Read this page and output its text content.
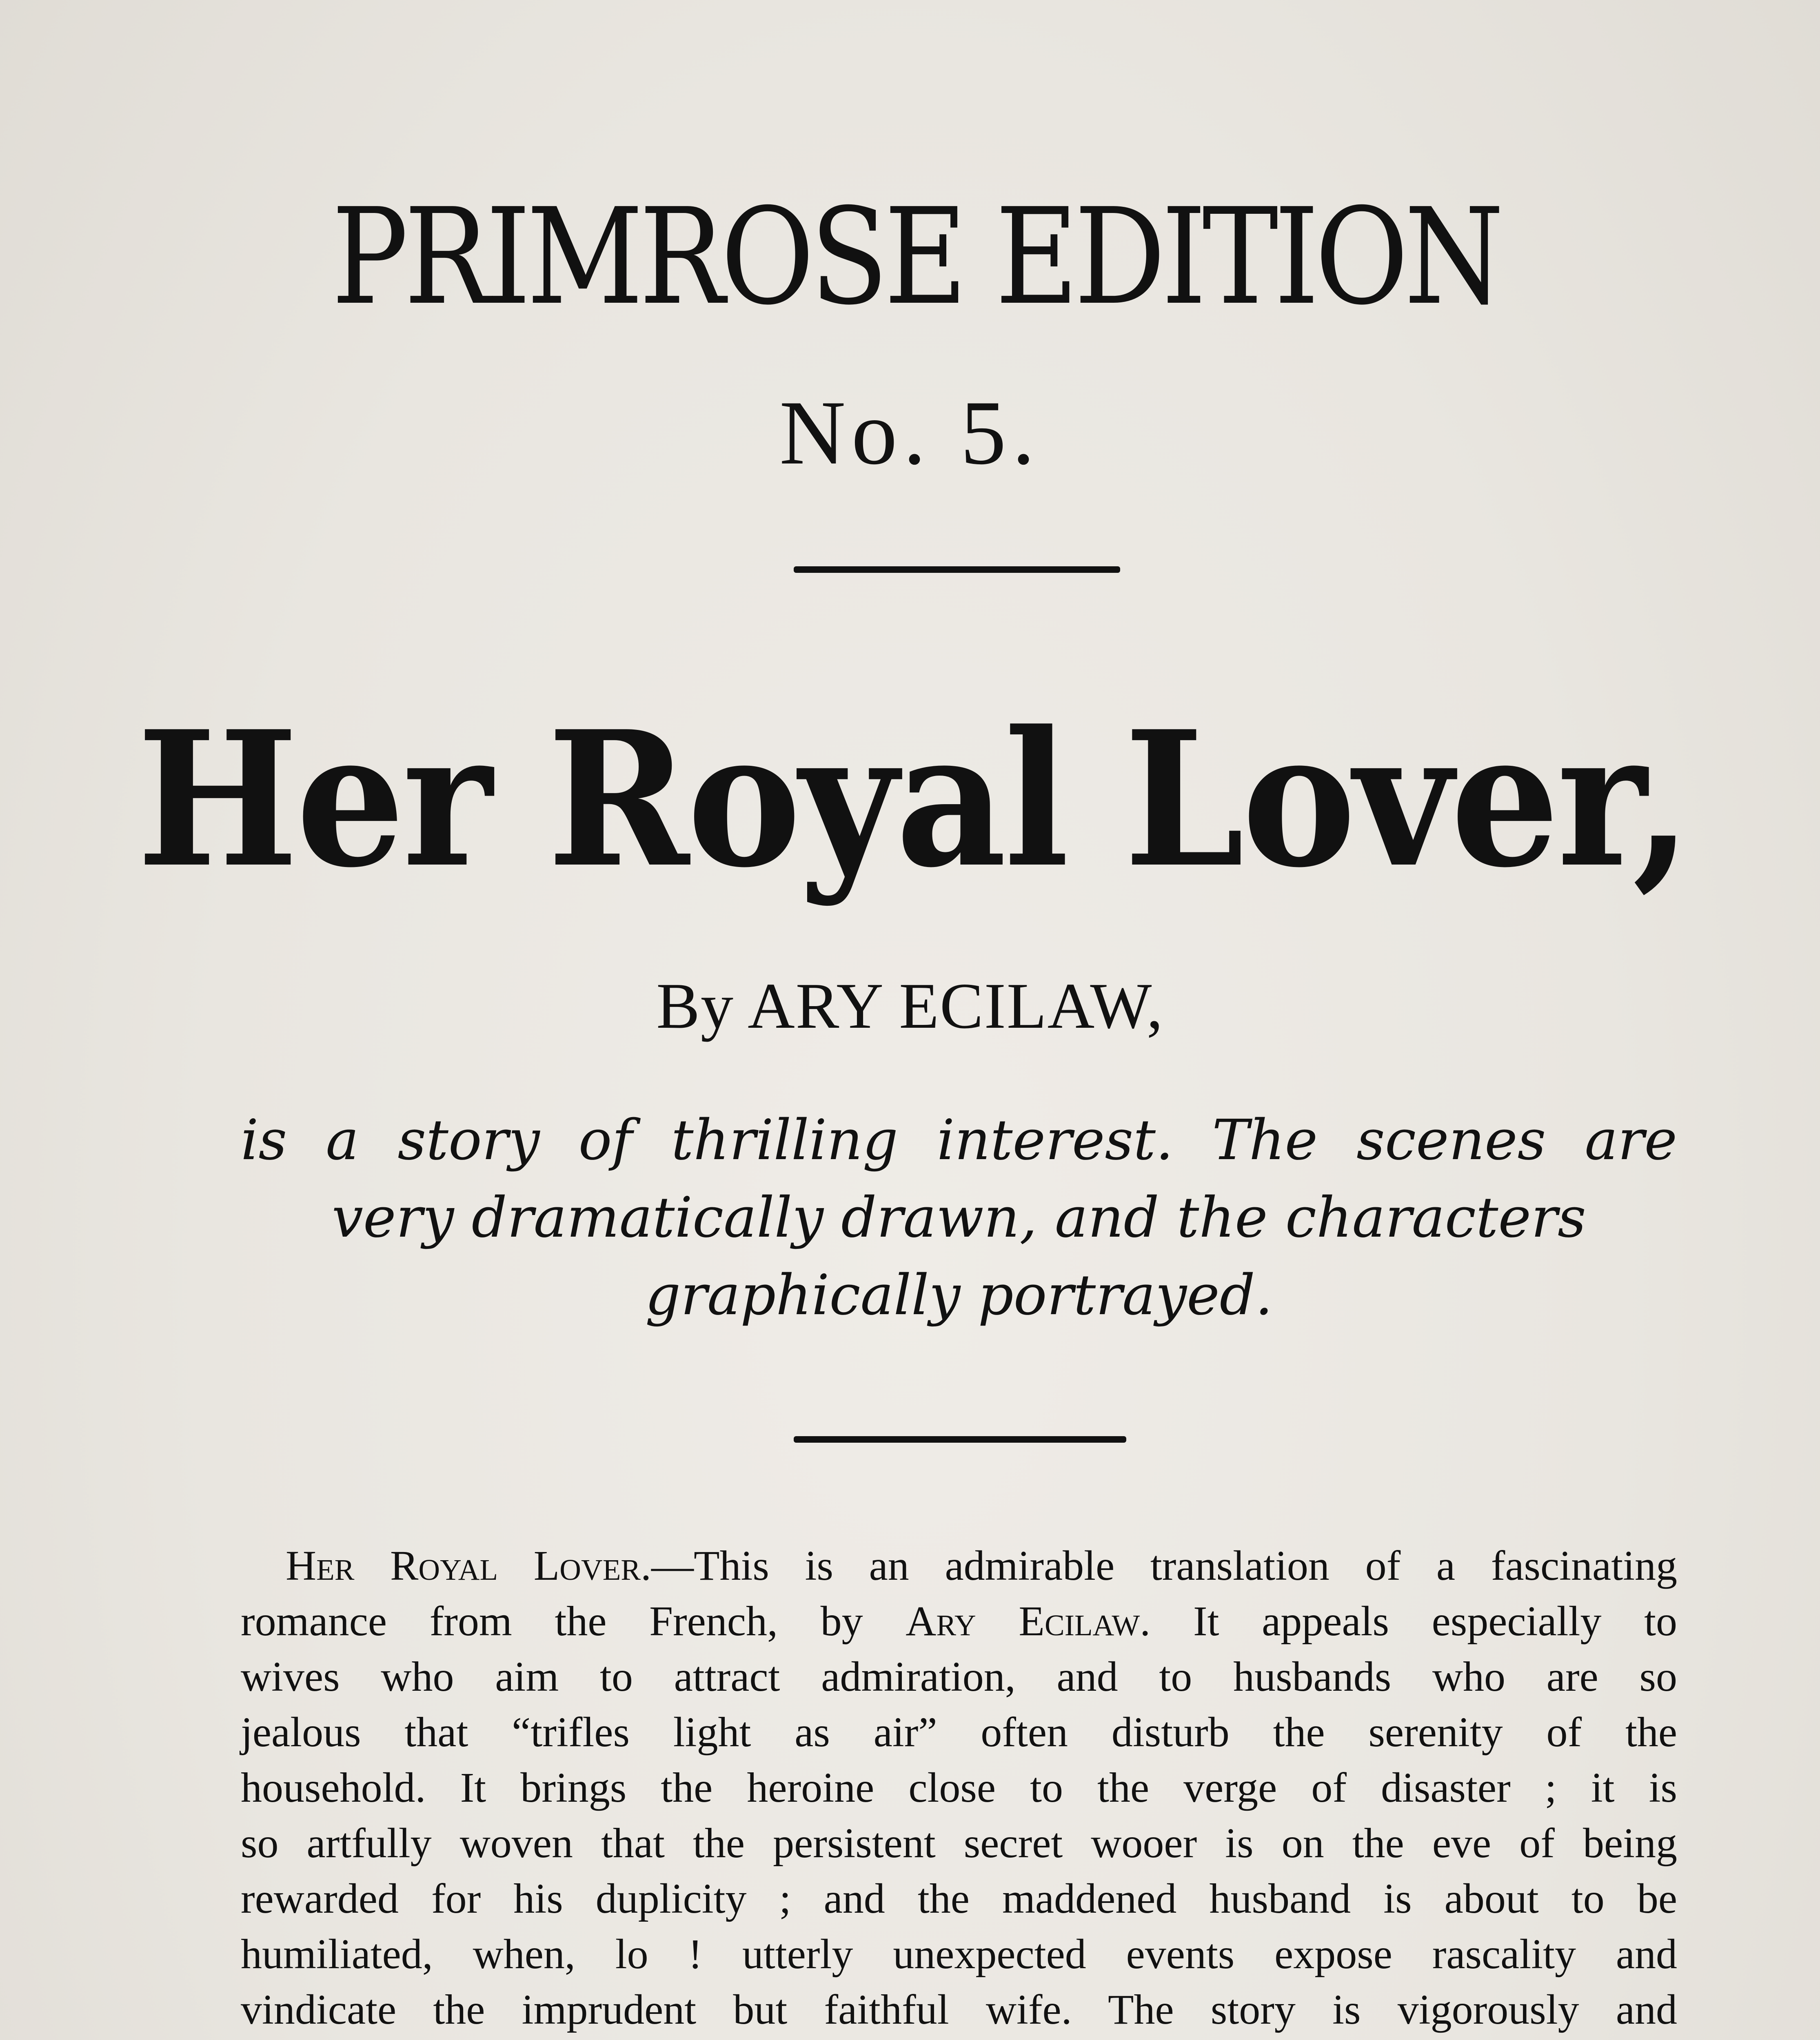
PRIMROSE EDITION
No. 5.
Her Royal Lover,
By ARY ECILAW,
is a story of thrilling interest. The scenes are
very dramatically drawn, and the characters
graphically portrayed.
Her Royal Lover.—This is an admirable translation of a fascinating
romance from the French, by Ary Ecilaw. It appeals especially to
wives who aim to attract admiration, and to husbands who are so
jealous that “trifles light as air” often disturb the serenity of the
household. It brings the heroine close to the verge of disaster ; it is
so artfully woven that the persistent secret wooer is on the eve of being
rewarded for his duplicity ; and the maddened husband is about to be
humiliated, when, lo ! utterly unexpected events expose rascality and
vindicate the imprudent but faithful wife. The story is vigorously and
